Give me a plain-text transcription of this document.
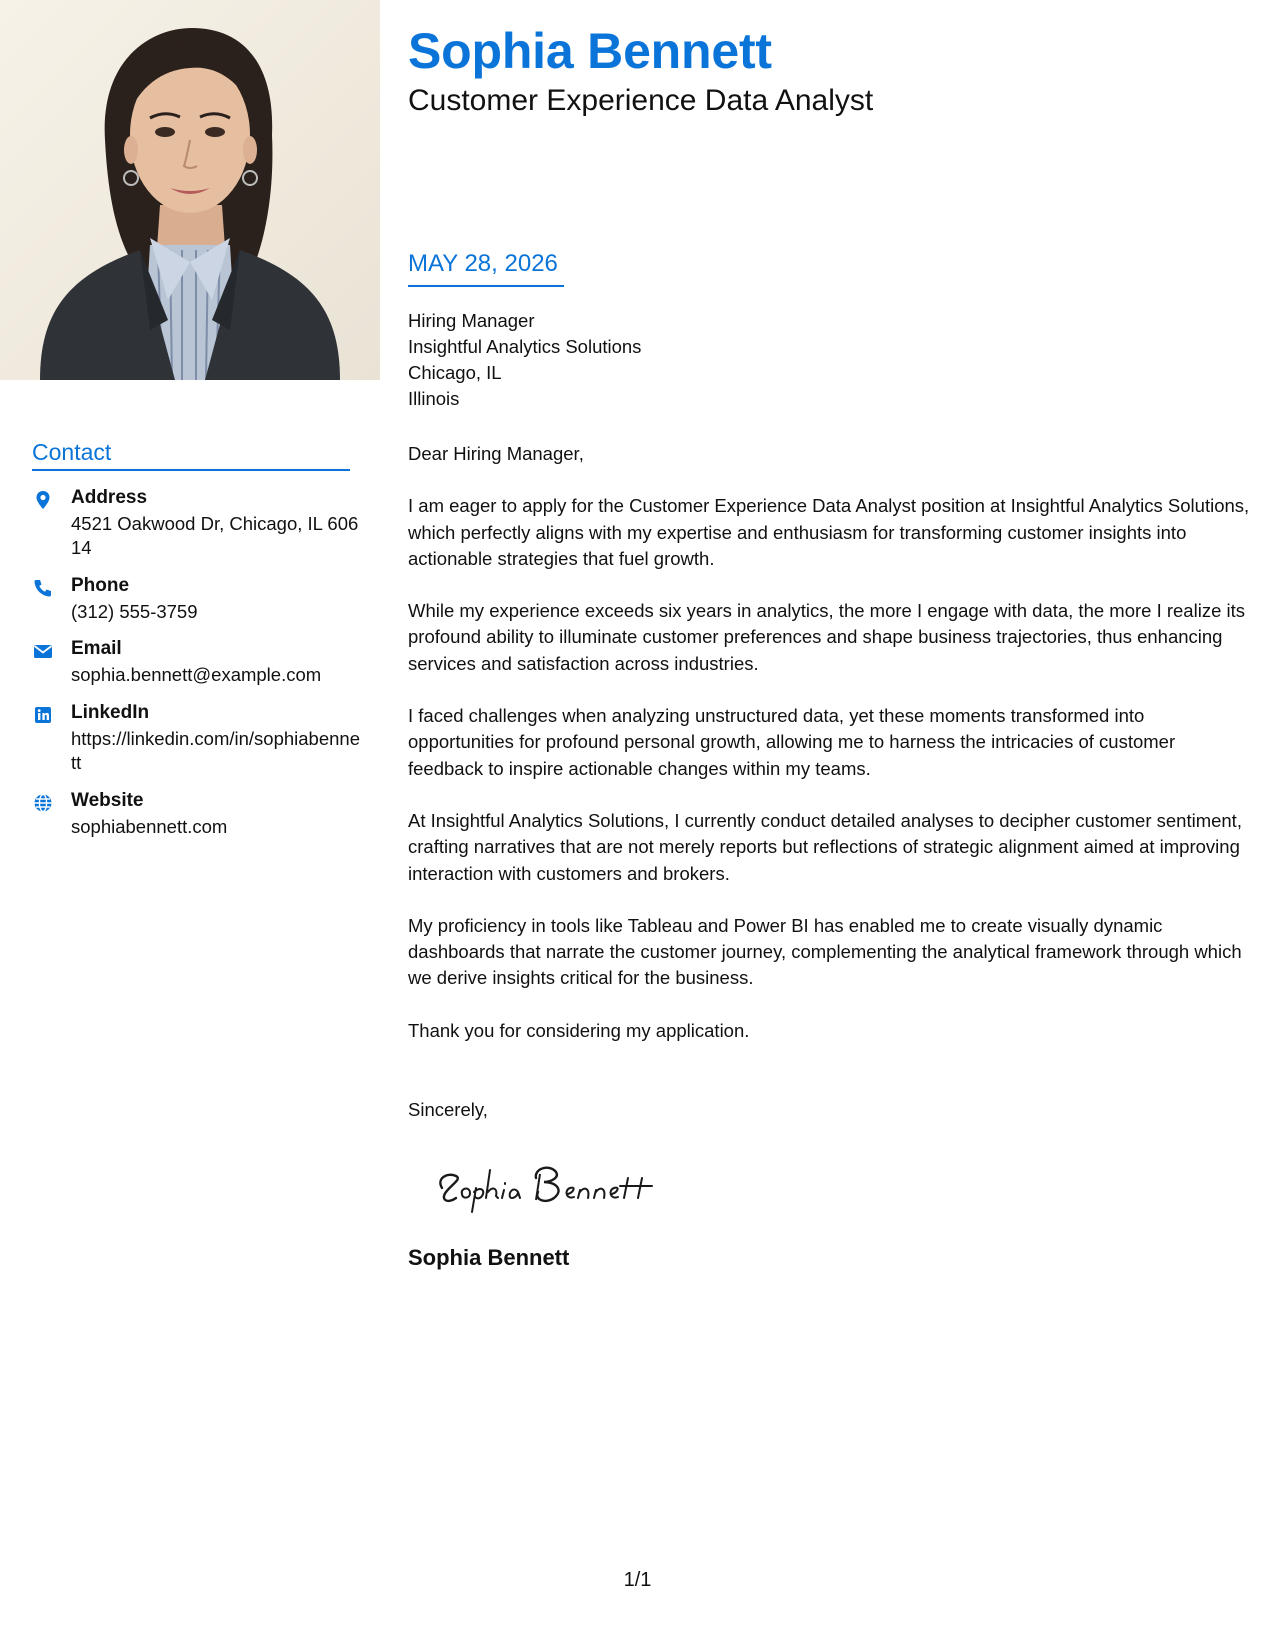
Sophia Bennett
Customer Experience Data Analyst
Contact
Address
4521 Oakwood Dr, Chicago, IL 60614
Phone
(312) 555-3759
Email
sophia.bennett@example.com
LinkedIn
https://linkedin.com/in/sophiabennett
Website
sophiabennett.com
MAY 28, 2026
Hiring Manager
Insightful Analytics Solutions
Chicago, IL
Illinois

Dear Hiring Manager,

I am eager to apply for the Customer Experience Data Analyst position at Insightful Analytics Solutions, which perfectly aligns with my expertise and enthusiasm for transforming customer insights into actionable strategies that fuel growth.

While my experience exceeds six years in analytics, the more I engage with data, the more I realize its profound ability to illuminate customer preferences and shape business trajectories, thus enhancing services and satisfaction across industries.

I faced challenges when analyzing unstructured data, yet these moments transformed into opportunities for profound personal growth, allowing me to harness the intricacies of customer feedback to inspire actionable changes within my teams.

At Insightful Analytics Solutions, I currently conduct detailed analyses to decipher customer sentiment, crafting narratives that are not merely reports but reflections of strategic alignment aimed at improving interaction with customers and brokers.

My proficiency in tools like Tableau and Power BI has enabled me to create visually dynamic dashboards that narrate the customer journey, complementing the analytical framework through which we derive insights critical for the business.

Thank you for considering my application.

Sincerely,
Sophia Bennett
1/1
